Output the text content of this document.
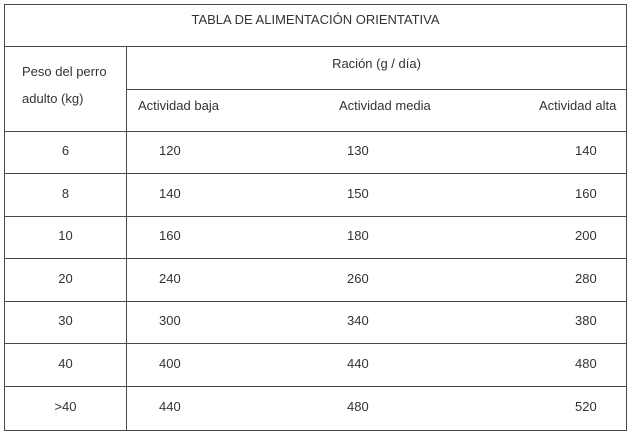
TABLA DE ALIMENTACIÓN ORIENTATIVA
Peso del perro
adulto (kg)
Ración (g / día)
Actividad baja	Actividad media	Actividad alta
6	120	130	140
8	140	150	160
10	160	180	200
20	240	260	280
30	300	340	380
40	400	440	480
>40	440	480	520
